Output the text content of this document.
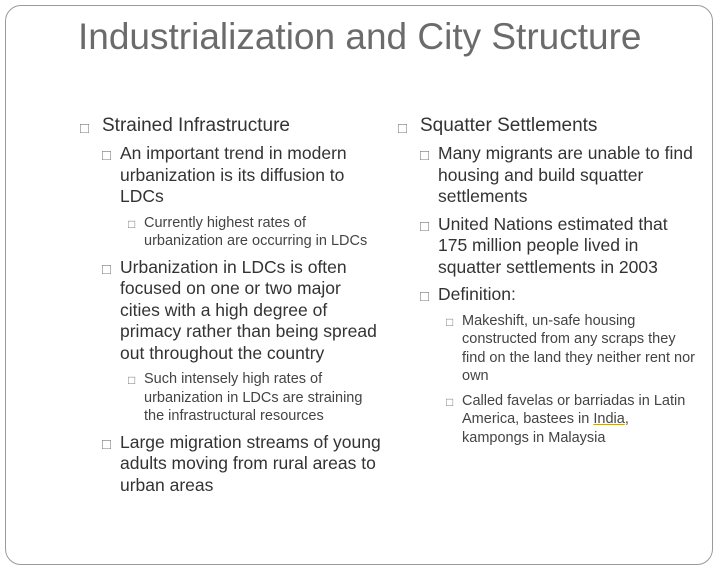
Industrialization and City Structure
□ Strained Infrastructure
□ An important trend in modern urbanization is its diffusion to LDCs
□ Currently highest rates of urbanization are occurring in LDCs
□ Urbanization in LDCs is often focused on one or two major cities with a high degree of primacy rather than being spread out throughout the country
□ Such intensely high rates of urbanization in LDCs are straining the infrastructural resources
□ Large migration streams of young adults moving from rural areas to urban areas
□ Squatter Settlements
□ Many migrants are unable to find housing and build squatter settlements
□ United Nations estimated that 175 million people lived in squatter settlements in 2003
□ Definition:
□ Makeshift, un-safe housing constructed from any scraps they find on the land they neither rent nor own
□ Called favelas or barriadas in Latin America, bastees in India, kampongs in Malaysia
